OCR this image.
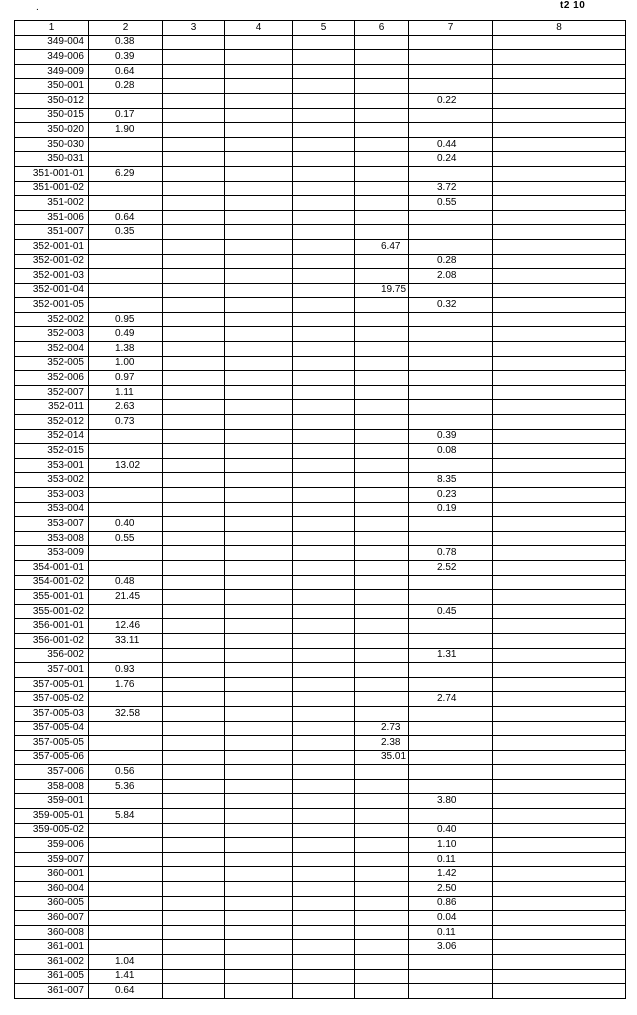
.	t2 10
1	2	3	4	5	6	7	8
349-004	0.38						
349-006	0.39						
349-009	0.64						
350-001	0.28						
350-012						0.22	
350-015	0.17						
350-020	1.90						
350-030						0.44	
350-031						0.24	
351-001-01	6.29						
351-001-02						3.72	
351-002						0.55	
351-006	0.64						
351-007	0.35						
352-001-01					6.47		
352-001-02						0.28	
352-001-03						2.08	
352-001-04					19.75		
352-001-05						0.32	
352-002	0.95						
352-003	0.49						
352-004	1.38						
352-005	1.00						
352-006	0.97						
352-007	1.11						
352-011	2.63						
352-012	0.73						
352-014						0.39	
352-015						0.08	
353-001	13.02						
353-002						8.35	
353-003						0.23	
353-004						0.19	
353-007	0.40						
353-008	0.55						
353-009						0.78	
354-001-01						2.52	
354-001-02	0.48						
355-001-01	21.45						
355-001-02						0.45	
356-001-01	12.46						
356-001-02	33.11						
356-002						1.31	
357-001	0.93						
357-005-01	1.76						
357-005-02						2.74	
357-005-03	32.58						
357-005-04					2.73		
357-005-05					2.38		
357-005-06					35.01		
357-006	0.56						
358-008	5.36						
359-001						3.80	
359-005-01	5.84						
359-005-02						0.40	
359-006						1.10	
359-007						0.11	
360-001						1.42	
360-004						2.50	
360-005						0.86	
360-007						0.04	
360-008						0.11	
361-001						3.06	
361-002	1.04						
361-005	1.41						
361-007	0.64						
